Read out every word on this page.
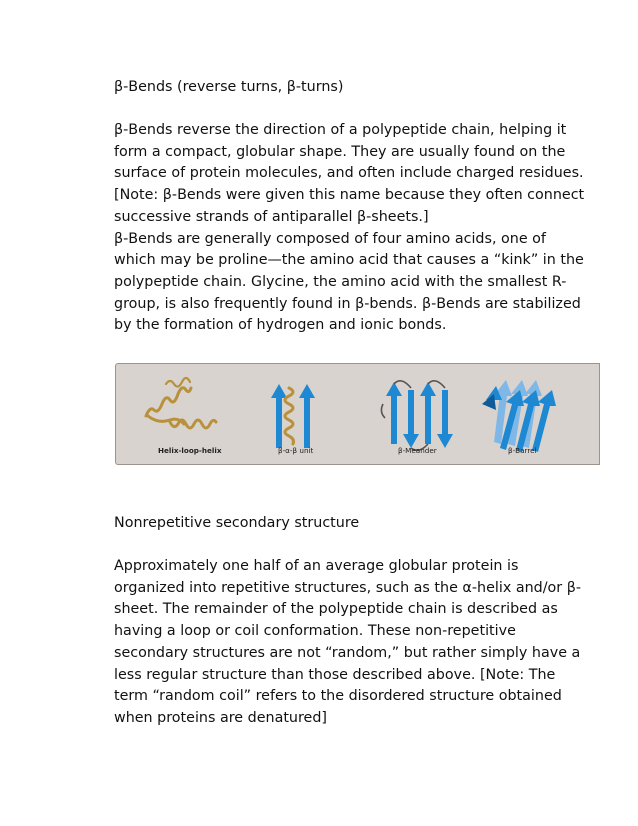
β-Bends (reverse turns, β-turns)

β-Bends reverse the direction of a polypeptide chain, helping it
form a compact, globular shape. They are usually found on the
surface of protein molecules, and often include charged residues.
[Note: β-Bends were given this name because they often connect
successive strands of antiparallel β-sheets.]
β-Bends are generally composed of four amino acids, one of
which may be proline—the amino acid that causes a “kink” in the
polypeptide chain. Glycine, the amino acid with the smallest R-
group, is also frequently found in β-bends. β-Bends are stabilized
by the formation of hydrogen and ionic bonds.

Helix-loop-helix	β-α-β unit	β-Meander	β-Barrel

Nonrepetitive secondary structure

Approximately one half of an average globular protein is
organized into repetitive structures, such as the α-helix and/or β-
sheet. The remainder of the polypeptide chain is described as
having a loop or coil conformation. These non-repetitive
secondary structures are not “random,” but rather simply have a
less regular structure than those described above. [Note: The
term “random coil” refers to the disordered structure obtained
when proteins are denatured]
